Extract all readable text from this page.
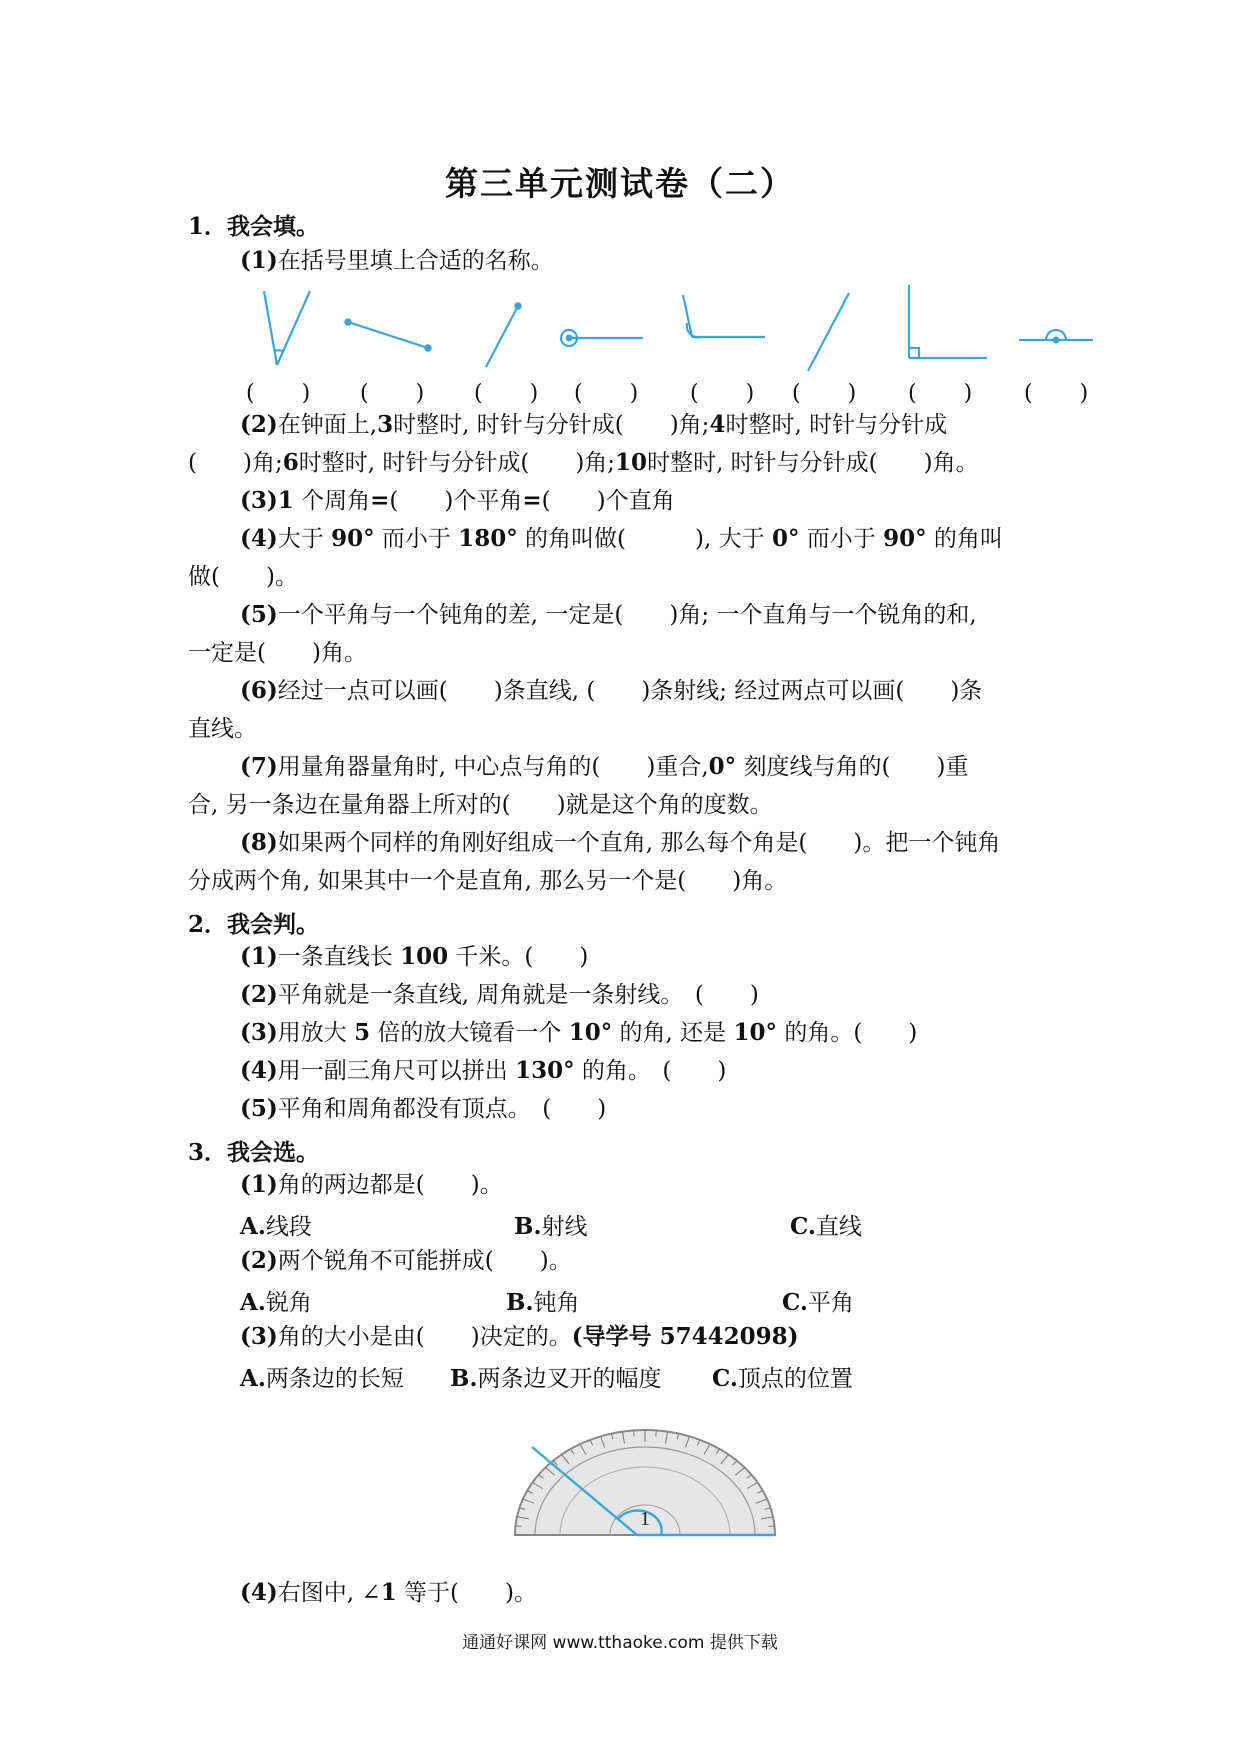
第三单元测试卷（二）
1．我会填。
(1)在括号里填上合适的名称。
(　　) (　　) (　　) (　　) (　　) (　　) (　　) (　　)
(2)在钟面上,3时整时, 时针与分针成(　　)角;4时整时, 时针与分针成
(　　)角;6时整时, 时针与分针成(　　)角;10时整时, 时针与分针成(　　)角。
(3)1 个周角=(　　)个平角=(　　)个直角
(4)大于 90° 而小于 180° 的角叫做(　　　), 大于 0° 而小于 90° 的角叫
做(　　)。
(5)一个平角与一个钝角的差, 一定是(　　)角; 一个直角与一个锐角的和,
一定是(　　)角。
(6)经过一点可以画(　　)条直线, (　　)条射线; 经过两点可以画(　　)条
直线。
(7)用量角器量角时, 中心点与角的(　　)重合,0° 刻度线与角的(　　)重
合, 另一条边在量角器上所对的(　　)就是这个角的度数。
(8)如果两个同样的角刚好组成一个直角, 那么每个角是(　　)。把一个钝角
分成两个角, 如果其中一个是直角, 那么另一个是(　　)角。
2．我会判。
(1)一条直线长 100 千米。(　　)
(2)平角就是一条直线, 周角就是一条射线。　(　　)
(3)用放大 5 倍的放大镜看一个 10° 的角, 还是 10° 的角。(　　)
(4)用一副三角尺可以拼出 130° 的角。　(　　)
(5)平角和周角都没有顶点。　(　　)
3．我会选。
(1)角的两边都是(　　)。
A.线段	B.射线	C.直线
(2)两个锐角不可能拼成(　　)。
A.锐角	B.钝角	C.平角
(3)角的大小是由(　　)决定的。(导学号 57442098)
A.两条边的长短 B.两条边叉开的幅度 C.顶点的位置
1
(4)右图中, ∠1 等于(　　)。
通通好课网 www.tthaoke.com 提供下载
